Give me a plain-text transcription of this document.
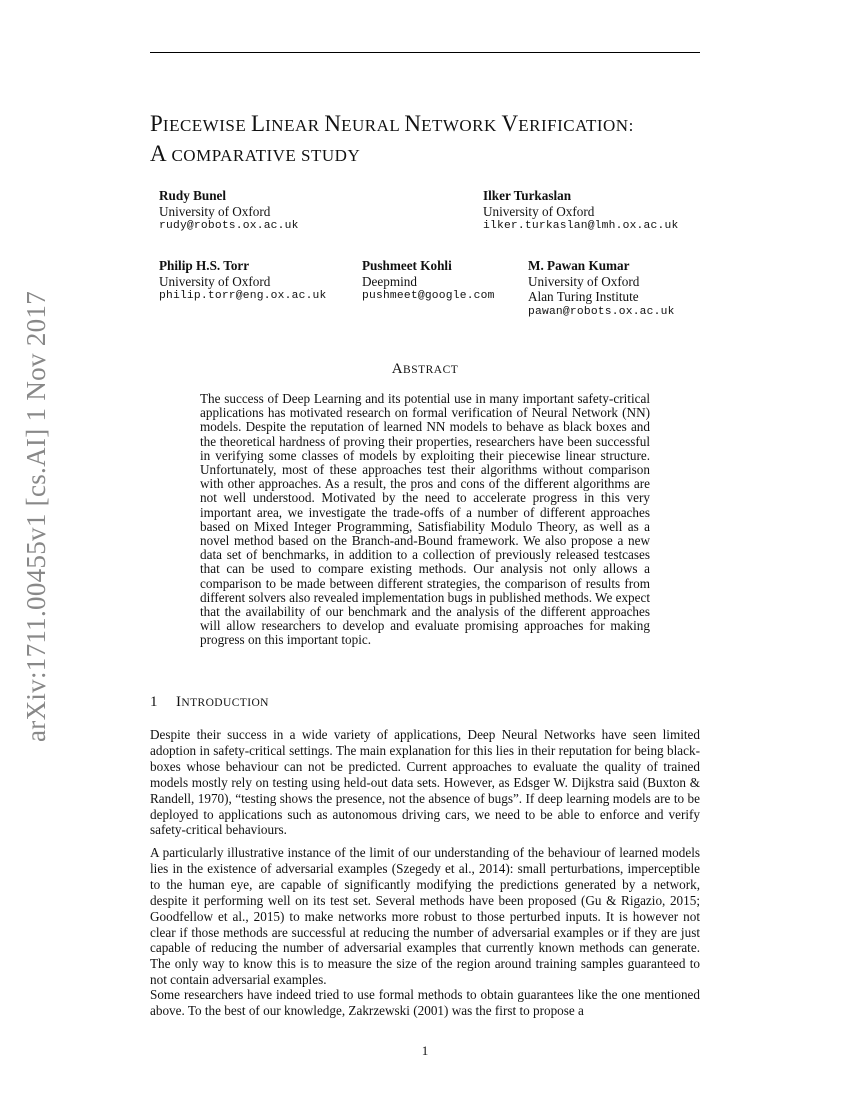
PIECEWISE LINEAR NEURAL NETWORK VERIFICATION:
A COMPARATIVE STUDY
Rudy Bunel
University of Oxford
rudy@robots.ox.ac.uk
Ilker Turkaslan
University of Oxford
ilker.turkaslan@lmh.ox.ac.uk
Philip H.S. Torr
University of Oxford
philip.torr@eng.ox.ac.uk
Pushmeet Kohli
Deepmind
pushmeet@google.com
M. Pawan Kumar
University of Oxford
Alan Turing Institute
pawan@robots.ox.ac.uk
ABSTRACT

The success of Deep Learning and its potential use in many important safety-critical applications has motivated research on formal verification of Neural Network (NN) models. Despite the reputation of learned NN models to behave as black boxes and the theoretical hardness of proving their properties, researchers have been successful in verifying some classes of models by exploiting their piecewise linear structure. Unfortunately, most of these approaches test their algorithms without comparison with other approaches. As a result, the pros and cons of the different algorithms are not well understood. Motivated by the need to accelerate progress in this very important area, we investigate the trade-offs of a number of different approaches based on Mixed Integer Programming, Satisfiability Modulo Theory, as well as a novel method based on the Branch-and-Bound framework. We also propose a new data set of benchmarks, in addition to a collection of previously released testcases that can be used to compare existing methods. Our analysis not only allows a comparison to be made between different strategies, the comparison of results from different solvers also revealed implementation bugs in published methods. We expect that the availability of our benchmark and the analysis of the different approaches will allow researchers to develop and evaluate promising approaches for making progress on this important topic.

1 INTRODUCTION

Despite their success in a wide variety of applications, Deep Neural Networks have seen limited adoption in safety-critical settings. The main explanation for this lies in their reputation for being black-boxes whose behaviour can not be predicted. Current approaches to evaluate the quality of trained models mostly rely on testing using held-out data sets. However, as Edsger W. Dijkstra said (Buxton & Randell, 1970), “testing shows the presence, not the absence of bugs”. If deep learning models are to be deployed to applications such as autonomous driving cars, we need to be able to enforce and verify safety-critical behaviours.

A particularly illustrative instance of the limit of our understanding of the behaviour of learned models lies in the existence of adversarial examples (Szegedy et al., 2014): small perturbations, imperceptible to the human eye, are capable of significantly modifying the predictions generated by a network, despite it performing well on its test set. Several methods have been proposed (Gu & Rigazio, 2015; Goodfellow et al., 2015) to make networks more robust to those perturbed inputs. It is however not clear if those methods are successful at reducing the number of adversarial examples or if they are just capable of reducing the number of adversarial examples that currently known methods can generate. The only way to know this is to measure the size of the region around training samples guaranteed to not contain adversarial examples.

Some researchers have indeed tried to use formal methods to obtain guarantees like the one mentioned above. To the best of our knowledge, Zakrzewski (2001) was the first to propose a

arXiv:1711.00455v1 [cs.AI] 1 Nov 2017
1
